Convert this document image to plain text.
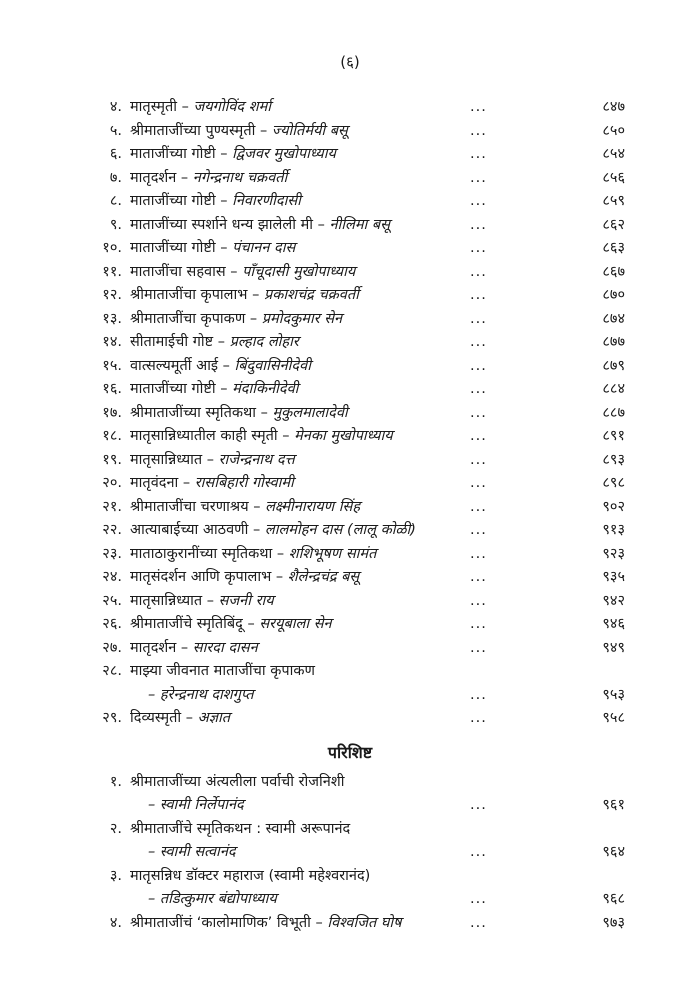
(६)
४. मातृस्मृती – जयगोविंद शर्मा	...	८४७
५. श्रीमाताजींच्या पुण्यस्मृती – ज्योतिर्मयी बसू	...	८५०
६. माताजींच्या गोष्टी – द्विजवर मुखोपाध्याय	...	८५४
७. मातृदर्शन – नगेन्द्रनाथ चक्रवर्ती	...	८५६
८. माताजींच्या गोष्टी – निवारणीदासी	...	८५९
९. माताजींच्या स्पर्शाने धन्य झालेली मी – नीलिमा बसू	...	८६२
१०. माताजींच्या गोष्टी – पंचानन दास	...	८६३
११. माताजींचा सहवास – पाँचूदासी मुखोपाध्याय	...	८६७
१२. श्रीमाताजींचा कृपालाभ – प्रकाशचंद्र चक्रवर्ती	...	८७०
१३. श्रीमाताजींचा कृपाकण – प्रमोदकुमार सेन	...	८७४
१४. सीतामाईची गोष्ट – प्रल्हाद लोहार	...	८७७
१५. वात्सल्यमूर्ती आई – बिंदुवासिनीदेवी	...	८७९
१६. माताजींच्या गोष्टी – मंदाकिनीदेवी	...	८८४
१७. श्रीमाताजींच्या स्मृतिकथा – मुकुलमालादेवी	...	८८७
१८. मातृसान्निध्यातील काही स्मृती – मेनका मुखोपाध्याय	...	८९१
१९. मातृसान्निध्यात – राजेन्द्रनाथ दत्त	...	८९३
२०. मातृवंदना – रासबिहारी गोस्वामी	...	८९८
२१. श्रीमाताजींचा चरणाश्रय – लक्ष्मीनारायण सिंह	...	९०२
२२. आत्याबाईच्या आठवणी – लालमोहन दास (लालू कोळी)	...	९१३
२३. माताठाकुरानींच्या स्मृतिकथा – शशिभूषण सामंत	...	९२३
२४. मातृसंदर्शन आणि कृपालाभ – शैलेन्द्रचंद्र बसू	...	९३५
२५. मातृसान्निध्यात – सजनी राय	...	९४२
२६. श्रीमाताजींचे स्मृतिबिंदू – सरयूबाला सेन	...	९४६
२७. मातृदर्शन – सारदा दासन	...	९४९
२८. माझ्या जीवनात माताजींचा कृपाकण
– हरेन्द्रनाथ दाशगुप्त	...	९५३
२९. दिव्यस्मृती – अज्ञात	...	९५८
परिशिष्ट
१. श्रीमाताजींच्या अंत्यलीला पर्वाची रोजनिशी
– स्वामी निर्लेपानंद	...	९६१
२. श्रीमाताजींचे स्मृतिकथन : स्वामी अरूपानंद
– स्वामी सत्वानंद	...	९६४
३. मातृसन्निध डॉक्टर महाराज (स्वामी महेश्वरानंद)
– तडित्कुमार बंद्योपाध्याय	...	९६८
४. श्रीमाताजींचं ‘कालोमाणिक’ विभूती – विश्वजित घोष	...	९७३
